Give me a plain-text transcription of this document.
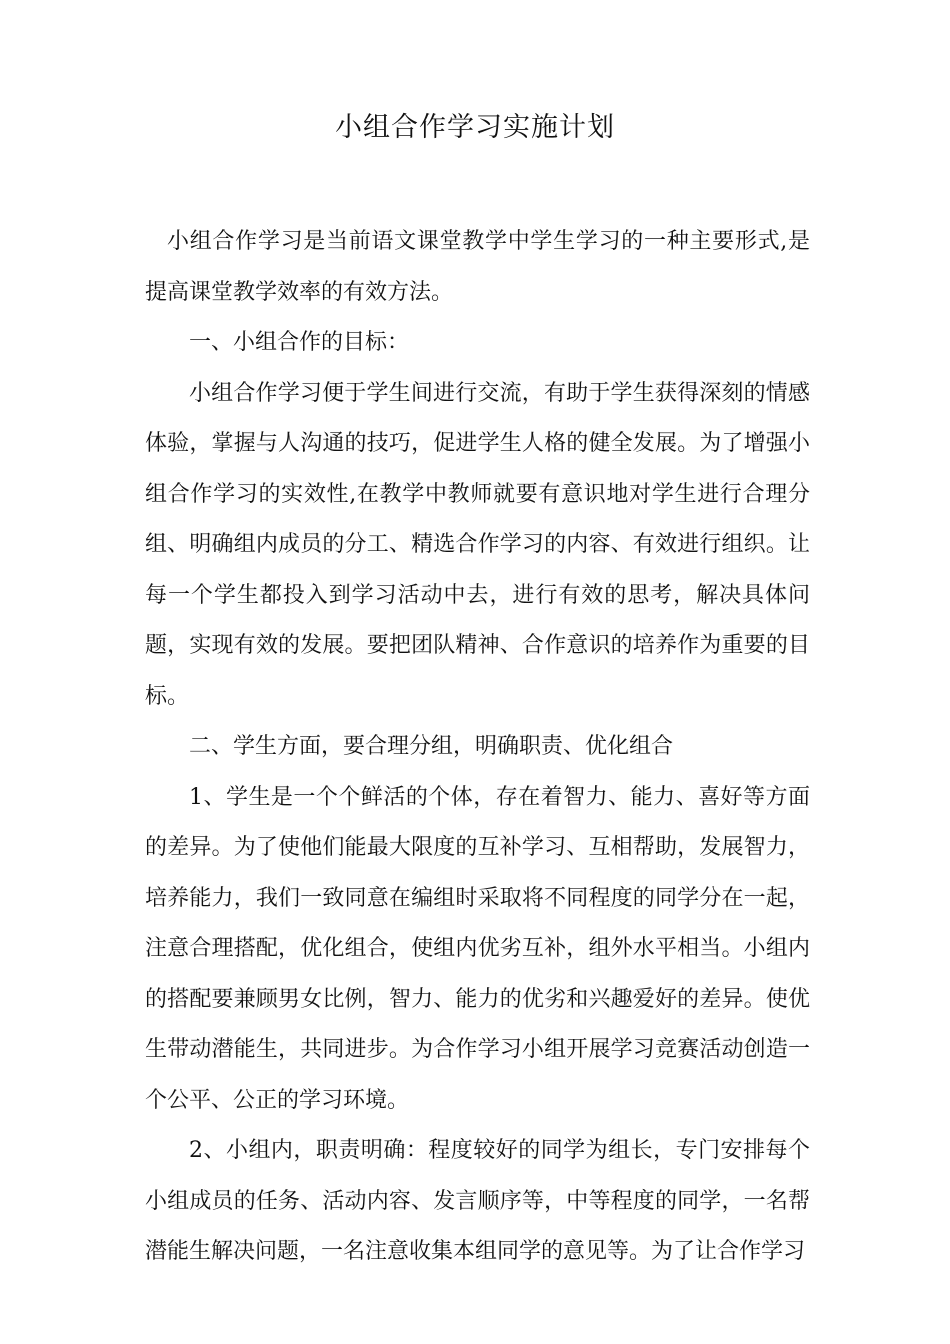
小组合作学习实施计划

小组合作学习是当前语文课堂教学中学生学习的一种主要形式,是提高课堂教学效率的有效方法。

一、小组合作的目标：

小组合作学习便于学生间进行交流，有助于学生获得深刻的情感体验，掌握与人沟通的技巧，促进学生人格的健全发展。为了增强小组合作学习的实效性,在教学中教师就要有意识地对学生进行合理分组、明确组内成员的分工、精选合作学习的内容、有效进行组织。让每一个学生都投入到学习活动中去，进行有效的思考，解决具体问题，实现有效的发展。要把团队精神、合作意识的培养作为重要的目标。

二、学生方面，要合理分组，明确职责、优化组合

1、学生是一个个鲜活的个体，存在着智力、能力、喜好等方面的差异。为了使他们能最大限度的互补学习、互相帮助，发展智力，培养能力，我们一致同意在编组时采取将不同程度的同学分在一起，注意合理搭配，优化组合，使组内优劣互补，组外水平相当。小组内的搭配要兼顾男女比例，智力、能力的优劣和兴趣爱好的差异。使优生带动潜能生，共同进步。为合作学习小组开展学习竞赛活动创造一个公平、公正的学习环境。

2、小组内，职责明确：程度较好的同学为组长，专门安排每个小组成员的任务、活动内容、发言顺序等，中等程度的同学，一名帮潜能生解决问题，一名注意收集本组同学的意见等。为了让合作学习
